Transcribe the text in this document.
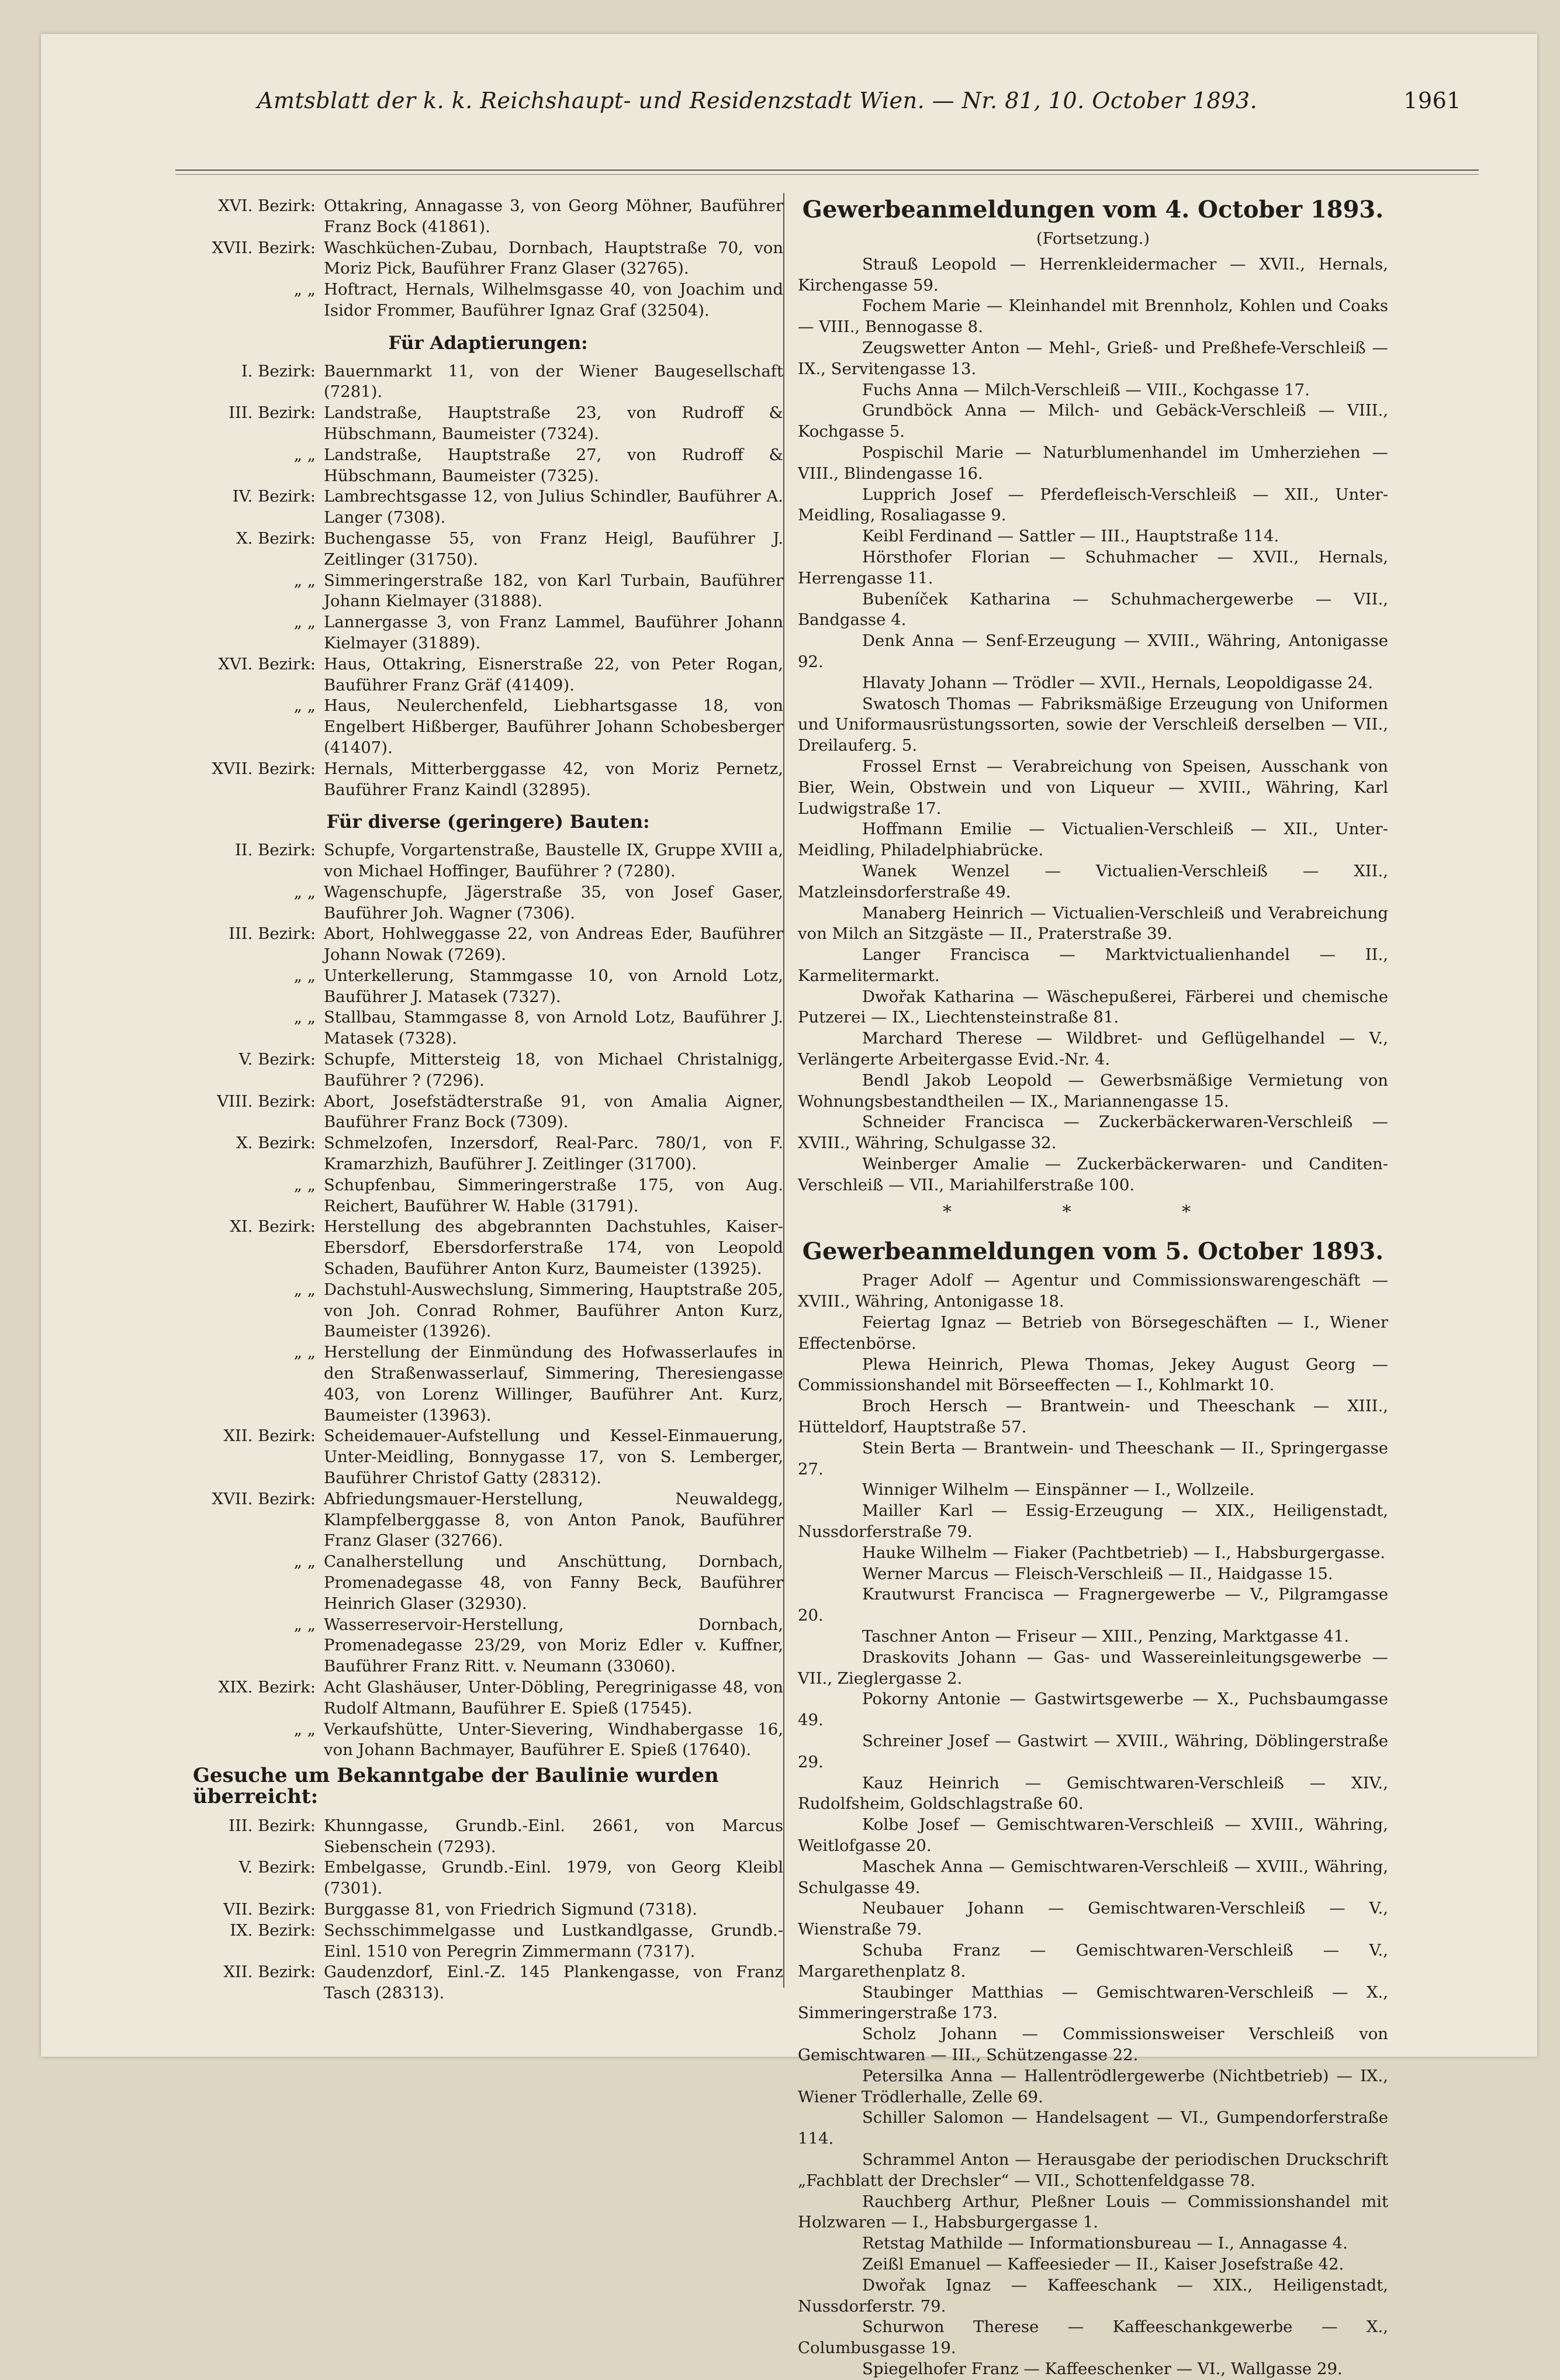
Amtsblatt der k. k. Reichshaupt- und Residenzstadt Wien. — Nr. 81, 10. October 1893.	1961
XVI. Bezirk: Ottakring, Annagasse 3, von Georg Möhner, Bauführer Franz Bock (41861).
XVII. Bezirk: Waschküchen-Zubau, Dornbach, Hauptstraße 70, von Moriz Pick, Bauführer Franz Glaser (32765).
„ „ Hoftract, Hernals, Wilhelmsgasse 40, von Joachim und Isidor Frommer, Bauführer Ignaz Graf (32504).
Für Adaptierungen:
I. Bezirk: Bauernmarkt 11, von der Wiener Baugesellschaft (7281).
III. Bezirk: Landstraße, Hauptstraße 23, von Rudroff & Hübschmann, Baumeister (7324).
„ „ Landstraße, Hauptstraße 27, von Rudroff & Hübschmann, Baumeister (7325).
IV. Bezirk: Lambrechtsgasse 12, von Julius Schindler, Bauführer A. Langer (7308).
X. Bezirk: Buchengasse 55, von Franz Heigl, Bauführer J. Zeitlinger (31750).
„ „ Simmeringerstraße 182, von Karl Turbain, Bauführer Johann Kielmayer (31888).
„ „ Lannergasse 3, von Franz Lammel, Bauführer Johann Kielmayer (31889).
XVI. Bezirk: Haus, Ottakring, Eisnerstraße 22, von Peter Rogan, Bauführer Franz Gräf (41409).
„ „ Haus, Neulerchenfeld, Liebhartsgasse 18, von Engelbert Hißberger, Bauführer Johann Schobesberger (41407).
XVII. Bezirk: Hernals, Mitterberggasse 42, von Moriz Pernetz, Bauführer Franz Kaindl (32895).
Für diverse (geringere) Bauten:
II. Bezirk: Schupfe, Vorgartenstraße, Baustelle IX, Gruppe XVIII a, von Michael Hoffinger, Bauführer ? (7280).
„ „ Wagenschupfe, Jägerstraße 35, von Josef Gaser, Bauführer Joh. Wagner (7306).
III. Bezirk: Abort, Hohlweggasse 22, von Andreas Eder, Bauführer Johann Nowak (7269).
„ „ Unterkellerung, Stammgasse 10, von Arnold Lotz, Bauführer J. Matasek (7327).
„ „ Stallbau, Stammgasse 8, von Arnold Lotz, Bauführer J. Matasek (7328).
V. Bezirk: Schupfe, Mittersteig 18, von Michael Christalnigg, Bauführer ? (7296).
VIII. Bezirk: Abort, Josefstädterstraße 91, von Amalia Aigner, Bauführer Franz Bock (7309).
X. Bezirk: Schmelzofen, Inzersdorf, Real-Parc. 780/1, von F. Kramarzhizh, Bauführer J. Zeitlinger (31700).
„ „ Schupfenbau, Simmeringerstraße 175, von Aug. Reichert, Bauführer W. Hable (31791).
XI. Bezirk: Herstellung des abgebrannten Dachstuhles, Kaiser-Ebersdorf, Ebersdorferstraße 174, von Leopold Schaden, Bauführer Anton Kurz, Baumeister (13925).
„ „ Dachstuhl-Auswechslung, Simmering, Hauptstraße 205, von Joh. Conrad Rohmer, Bauführer Anton Kurz, Baumeister (13926).
„ „ Herstellung der Einmündung des Hofwasserlaufes in den Straßenwasserlauf, Simmering, Theresiengasse 403, von Lorenz Willinger, Bauführer Ant. Kurz, Baumeister (13963).
XII. Bezirk: Scheidemauer-Aufstellung und Kessel-Einmauerung, Unter-Meidling, Bonnygasse 17, von S. Lemberger, Bauführer Christof Gatty (28312).
XVII. Bezirk: Abfriedungsmauer-Herstellung, Neuwaldegg, Klampfelberggasse 8, von Anton Panok, Bauführer Franz Glaser (32766).
„ „ Canalherstellung und Anschüttung, Dornbach, Promenadegasse 48, von Fanny Beck, Bauführer Heinrich Glaser (32930).
„ „ Wasserreservoir-Herstellung, Dornbach, Promenadegasse 23/29, von Moriz Edler v. Kuffner, Bauführer Franz Ritt. v. Neumann (33060).
XIX. Bezirk: Acht Glashäuser, Unter-Döbling, Peregrinigasse 48, von Rudolf Altmann, Bauführer E. Spieß (17545).
„ „ Verkaufshütte, Unter-Sievering, Windhabergasse 16, von Johann Bachmayer, Bauführer E. Spieß (17640).
Gesuche um Bekanntgabe der Baulinie wurden überreicht:
III. Bezirk: Khunngasse, Grundb.-Einl. 2661, von Marcus Siebenschein (7293).
V. Bezirk: Embelgasse, Grundb.-Einl. 1979, von Georg Kleibl (7301).
VII. Bezirk: Burggasse 81, von Friedrich Sigmund (7318).
IX. Bezirk: Sechsschimmelgasse und Lustkandlgasse, Grundb.-Einl. 1510 von Peregrin Zimmermann (7317).
XII. Bezirk: Gaudenzdorf, Einl.-Z. 145 Plankengasse, von Franz Tasch (28313).
Gewerbeanmeldungen vom 4. October 1893.
(Fortsetzung.)
Strauß Leopold — Herrenkleidermacher — XVII., Hernals, Kirchengasse 59.
Fochem Marie — Kleinhandel mit Brennholz, Kohlen und Coaks — VIII., Bennogasse 8.
Zeugswetter Anton — Mehl-, Grieß- und Preßhefe-Verschleiß — IX., Servitengasse 13.
Fuchs Anna — Milch-Verschleiß — VIII., Kochgasse 17.
Grundböck Anna — Milch- und Gebäck-Verschleiß — VIII., Kochgasse 5.
Pospischil Marie — Naturblumenhandel im Umherziehen — VIII., Blindengasse 16.
Lupprich Josef — Pferdefleisch-Verschleiß — XII., Unter-Meidling, Rosaliagasse 9.
Keibl Ferdinand — Sattler — III., Hauptstraße 114.
Hörsthofer Florian — Schuhmacher — XVII., Hernals, Herrengasse 11.
Bubeníček Katharina — Schuhmachergewerbe — VII., Bandgasse 4.
Denk Anna — Senf-Erzeugung — XVIII., Währing, Antonigasse 92.
Hlavaty Johann — Trödler — XVII., Hernals, Leopoldigasse 24.
Swatosch Thomas — Fabriksmäßige Erzeugung von Uniformen und Uniformausrüstungssorten, sowie der Verschleiß derselben — VII., Dreilauferg. 5.
Frossel Ernst — Verabreichung von Speisen, Ausschank von Bier, Wein, Obstwein und von Liqueur — XVIII., Währing, Karl Ludwigstraße 17.
Hoffmann Emilie — Victualien-Verschleiß — XII., Unter-Meidling, Philadelphiabrücke.
Wanek Wenzel — Victualien-Verschleiß — XII., Matzleinsdorferstraße 49.
Manaberg Heinrich — Victualien-Verschleiß und Verabreichung von Milch an Sitzgäste — II., Praterstraße 39.
Langer Francisca — Marktvictualienhandel — II., Karmelitermarkt.
Dwořak Katharina — Wäschepußerei, Färberei und chemische Putzerei — IX., Liechtensteinstraße 81.
Marchard Therese — Wildbret- und Geflügelhandel — V., Verlängerte Arbeitergasse Evid.-Nr. 4.
Bendl Jakob Leopold — Gewerbsmäßige Vermietung von Wohnungsbestandtheilen — IX., Mariannengasse 15.
Schneider Francisca — Zuckerbäckerwaren-Verschleiß — XVIII., Währing, Schulgasse 32.
Weinberger Amalie — Zuckerbäckerwaren- und Canditen-Verschleiß — VII., Mariahilferstraße 100.
* * *
Gewerbeanmeldungen vom 5. October 1893.
Prager Adolf — Agentur und Commissionswarengeschäft — XVIII., Währing, Antonigasse 18.
Feiertag Ignaz — Betrieb von Börsegeschäften — I., Wiener Effectenbörse.
Plewa Heinrich, Plewa Thomas, Jekey August Georg — Commissionshandel mit Börseeffecten — I., Kohlmarkt 10.
Broch Hersch — Brantwein- und Theeschank — XIII., Hütteldorf, Hauptstraße 57.
Stein Berta — Brantwein- und Theeschank — II., Springergasse 27.
Winniger Wilhelm — Einspänner — I., Wollzeile.
Mailler Karl — Essig-Erzeugung — XIX., Heiligenstadt, Nussdorferstraße 79.
Hauke Wilhelm — Fiaker (Pachtbetrieb) — I., Habsburgergasse.
Werner Marcus — Fleisch-Verschleiß — II., Haidgasse 15.
Krautwurst Francisca — Fragnergewerbe — V., Pilgramgasse 20.
Taschner Anton — Friseur — XIII., Penzing, Marktgasse 41.
Draskovits Johann — Gas- und Wassereinleitungsgewerbe — VII., Zieglergasse 2.
Pokorny Antonie — Gastwirtsgewerbe — X., Puchsbaumgasse 49.
Schreiner Josef — Gastwirt — XVIII., Währing, Döblingerstraße 29.
Kauz Heinrich — Gemischtwaren-Verschleiß — XIV., Rudolfsheim, Goldschlagstraße 60.
Kolbe Josef — Gemischtwaren-Verschleiß — XVIII., Währing, Weitlofgasse 20.
Maschek Anna — Gemischtwaren-Verschleiß — XVIII., Währing, Schulgasse 49.
Neubauer Johann — Gemischtwaren-Verschleiß — V., Wienstraße 79.
Schuba Franz — Gemischtwaren-Verschleiß — V., Margarethenplatz 8.
Staubinger Matthias — Gemischtwaren-Verschleiß — X., Simmeringerstraße 173.
Scholz Johann — Commissionsweiser Verschleiß von Gemischtwaren — III., Schützengasse 22.
Petersilka Anna — Hallentrödlergewerbe (Nichtbetrieb) — IX., Wiener Trödlerhalle, Zelle 69.
Schiller Salomon — Handelsagent — VI., Gumpendorferstraße 114.
Schrammel Anton — Herausgabe der periodischen Druckschrift „Fachblatt der Drechsler“ — VII., Schottenfeldgasse 78.
Rauchberg Arthur, Pleßner Louis — Commissionshandel mit Holzwaren — I., Habsburgergasse 1.
Retstag Mathilde — Informationsbureau — I., Annagasse 4.
Zeißl Emanuel — Kaffeesieder — II., Kaiser Josefstraße 42.
Dwořak Ignaz — Kaffeeschank — XIX., Heiligenstadt, Nussdorferstr. 79.
Schurwon Therese — Kaffeeschankgewerbe — X., Columbusgasse 19.
Spiegelhofer Franz — Kaffeeschenker — VI., Wallgasse 29.
